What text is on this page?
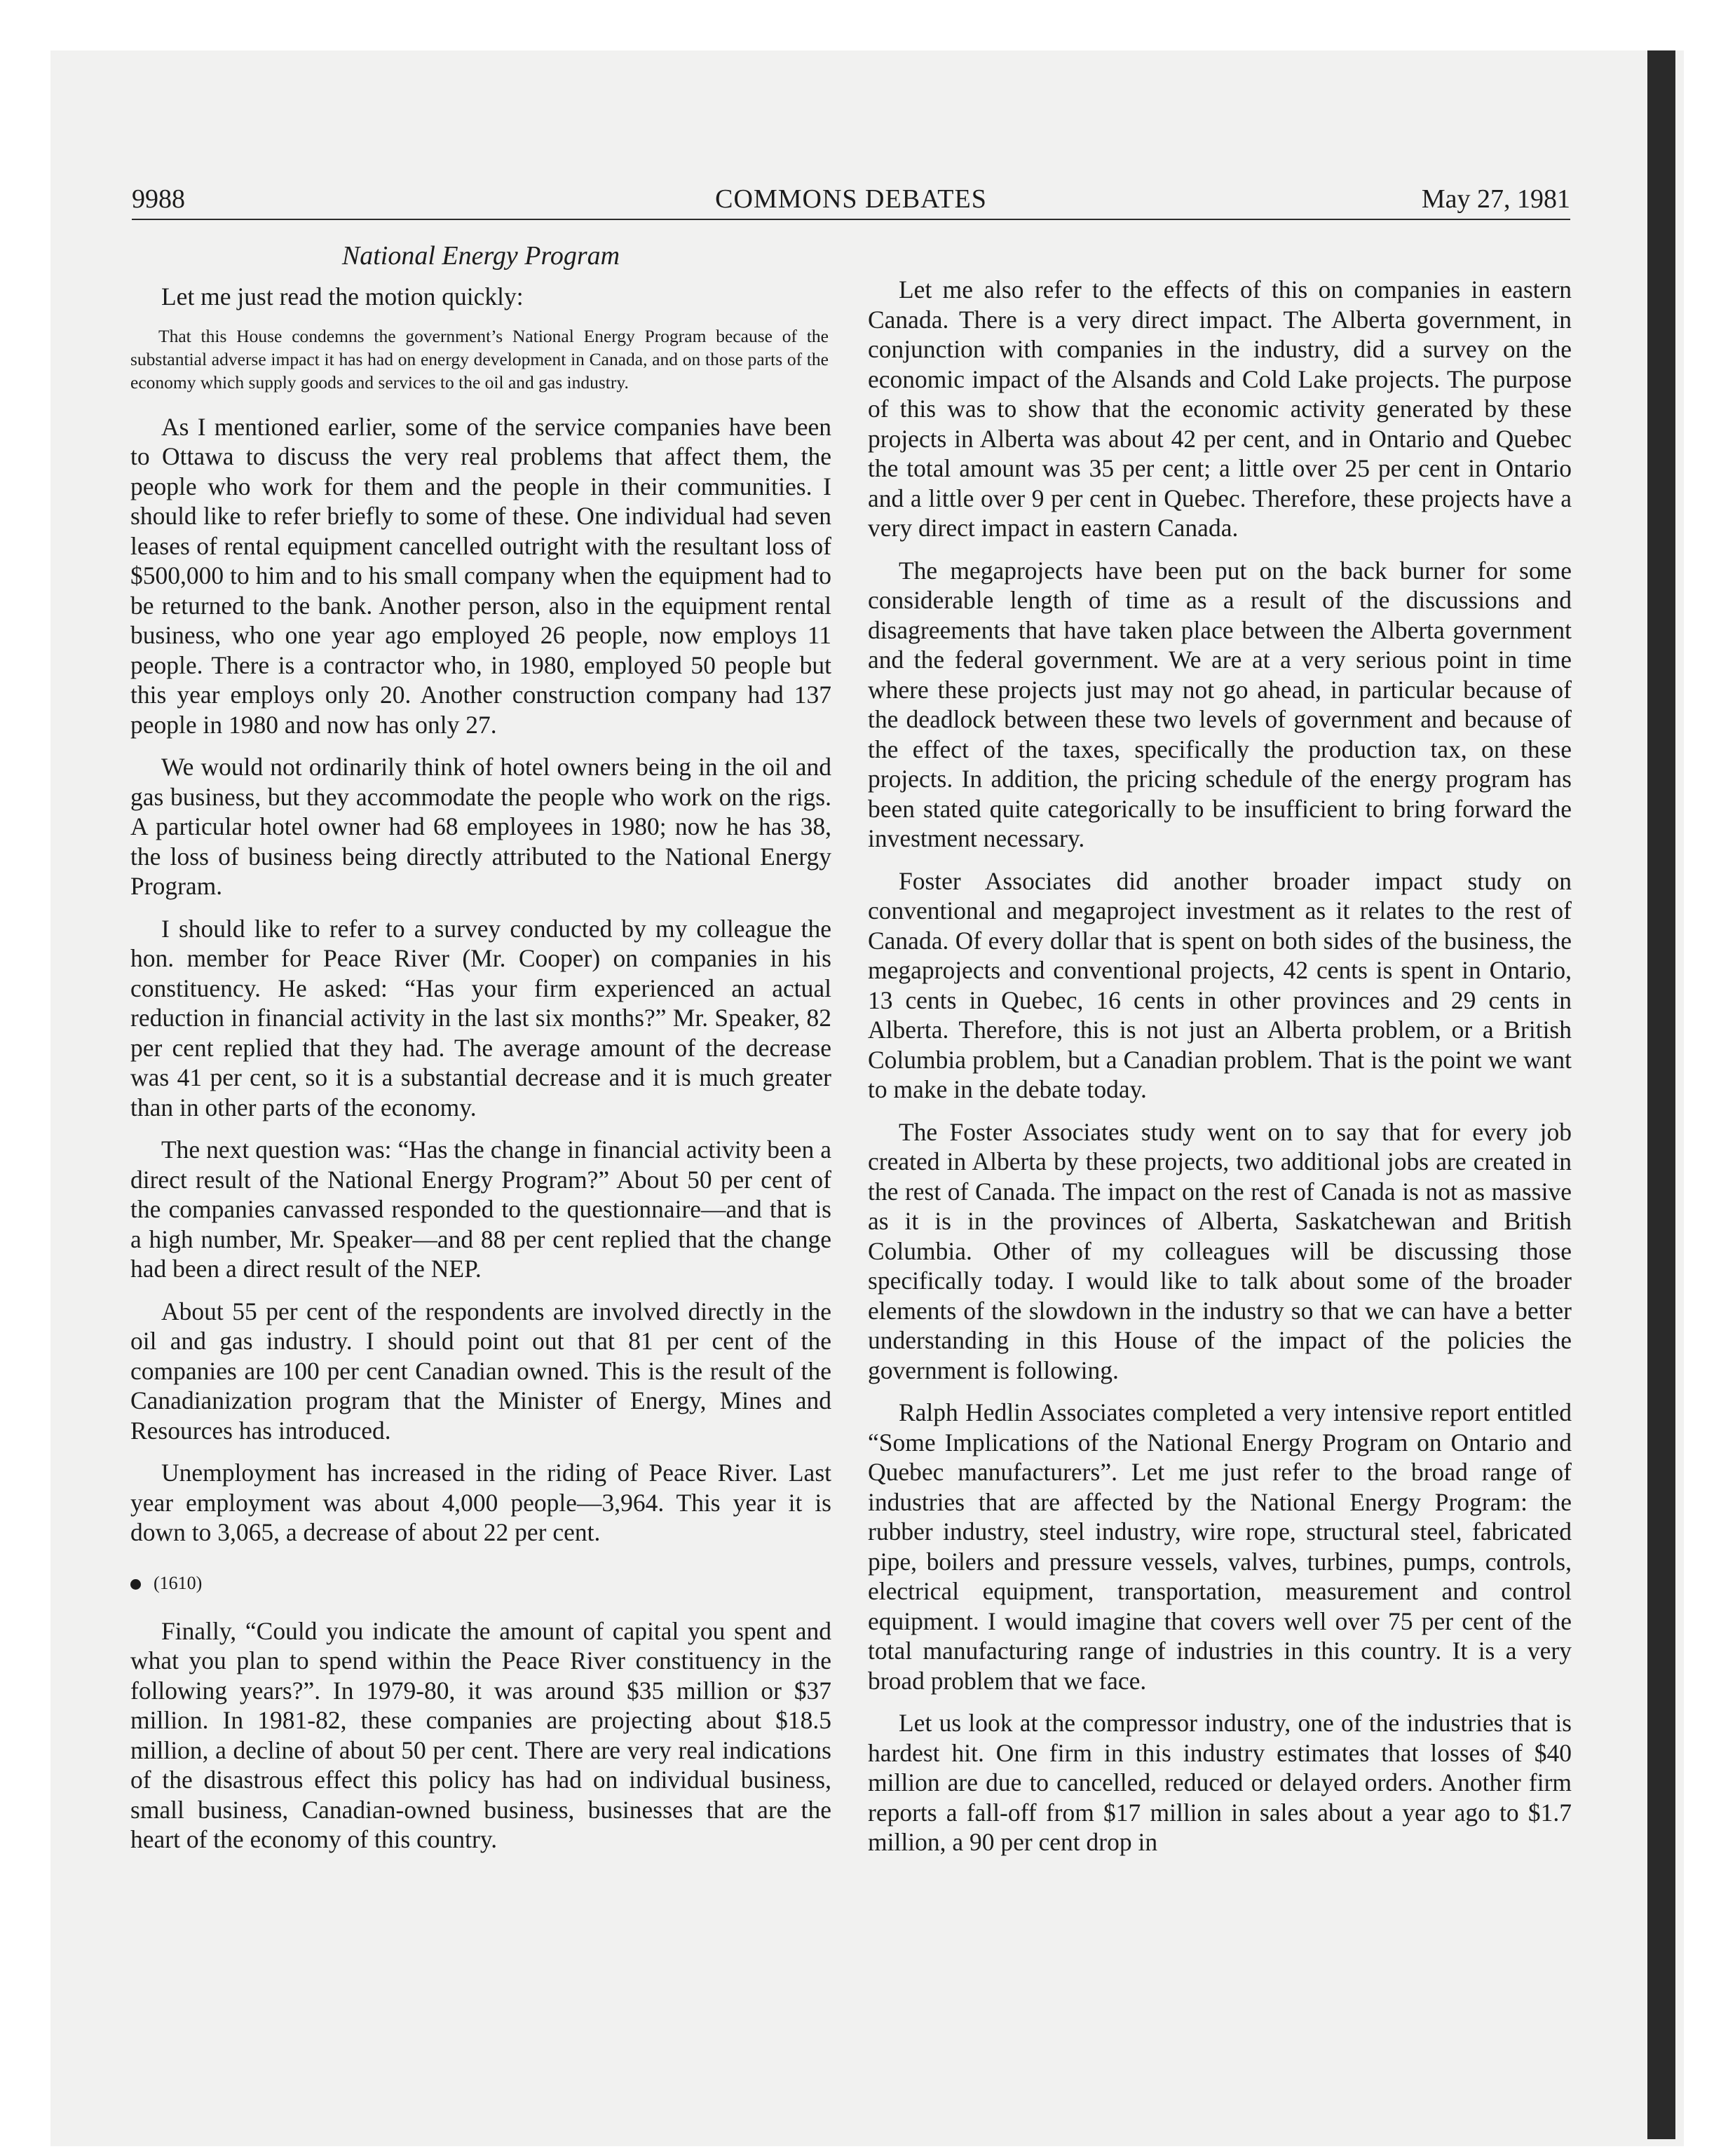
9988	COMMONS DEBATES	May 27, 1981
National Energy Program

Let me just read the motion quickly:

That this House condemns the government’s National Energy Program because of the substantial adverse impact it has had on energy development in Canada, and on those parts of the economy which supply goods and services to the oil and gas industry.

As I mentioned earlier, some of the service companies have been to Ottawa to discuss the very real problems that affect them, the people who work for them and the people in their communities. I should like to refer briefly to some of these. One individual had seven leases of rental equipment cancelled outright with the resultant loss of $500,000 to him and to his small company when the equipment had to be returned to the bank. Another person, also in the equipment rental business, who one year ago employed 26 people, now employs 11 people. There is a contractor who, in 1980, employed 50 people but this year employs only 20. Another construction company had 137 people in 1980 and now has only 27.

We would not ordinarily think of hotel owners being in the oil and gas business, but they accommodate the people who work on the rigs. A particular hotel owner had 68 employees in 1980; now he has 38, the loss of business being directly attributed to the National Energy Program.

I should like to refer to a survey conducted by my colleague the hon. member for Peace River (Mr. Cooper) on companies in his constituency. He asked: “Has your firm experienced an actual reduction in financial activity in the last six months?” Mr. Speaker, 82 per cent replied that they had. The average amount of the decrease was 41 per cent, so it is a substantial decrease and it is much greater than in other parts of the economy.

The next question was: “Has the change in financial activity been a direct result of the National Energy Program?” About 50 per cent of the companies canvassed responded to the questionnaire—and that is a high number, Mr. Speaker—and 88 per cent replied that the change had been a direct result of the NEP.

About 55 per cent of the respondents are involved directly in the oil and gas industry. I should point out that 81 per cent of the companies are 100 per cent Canadian owned. This is the result of the Canadianization program that the Minister of Energy, Mines and Resources has introduced.

Unemployment has increased in the riding of Peace River. Last year employment was about 4,000 people—3,964. This year it is down to 3,065, a decrease of about 22 per cent.

(1610)

Finally, “Could you indicate the amount of capital you spent and what you plan to spend within the Peace River constituency in the following years?”. In 1979-80, it was around $35 million or $37 million. In 1981-82, these companies are projecting about $18.5 million, a decline of about 50 per cent. There are very real indications of the disastrous effect this policy has had on individual business, small business, Canadian-owned business, businesses that are the heart of the economy of this country.

Let me also refer to the effects of this on companies in eastern Canada. There is a very direct impact. The Alberta government, in conjunction with companies in the industry, did a survey on the economic impact of the Alsands and Cold Lake projects. The purpose of this was to show that the economic activity generated by these projects in Alberta was about 42 per cent, and in Ontario and Quebec the total amount was 35 per cent; a little over 25 per cent in Ontario and a little over 9 per cent in Quebec. Therefore, these projects have a very direct impact in eastern Canada.

The megaprojects have been put on the back burner for some considerable length of time as a result of the discussions and disagreements that have taken place between the Alberta government and the federal government. We are at a very serious point in time where these projects just may not go ahead, in particular because of the deadlock between these two levels of government and because of the effect of the taxes, specifically the production tax, on these projects. In addition, the pricing schedule of the energy program has been stated quite categorically to be insufficient to bring forward the investment necessary.

Foster Associates did another broader impact study on conventional and megaproject investment as it relates to the rest of Canada. Of every dollar that is spent on both sides of the business, the megaprojects and conventional projects, 42 cents is spent in Ontario, 13 cents in Quebec, 16 cents in other provinces and 29 cents in Alberta. Therefore, this is not just an Alberta problem, or a British Columbia problem, but a Canadian problem. That is the point we want to make in the debate today.

The Foster Associates study went on to say that for every job created in Alberta by these projects, two additional jobs are created in the rest of Canada. The impact on the rest of Canada is not as massive as it is in the provinces of Alberta, Saskatchewan and British Columbia. Other of my colleagues will be discussing those specifically today. I would like to talk about some of the broader elements of the slowdown in the industry so that we can have a better understanding in this House of the impact of the policies the government is following.

Ralph Hedlin Associates completed a very intensive report entitled “Some Implications of the National Energy Program on Ontario and Quebec manufacturers”. Let me just refer to the broad range of industries that are affected by the National Energy Program: the rubber industry, steel industry, wire rope, structural steel, fabricated pipe, boilers and pressure vessels, valves, turbines, pumps, controls, electrical equipment, transportation, measurement and control equipment. I would imagine that covers well over 75 per cent of the total manufacturing range of industries in this country. It is a very broad problem that we face.

Let us look at the compressor industry, one of the industries that is hardest hit. One firm in this industry estimates that losses of $40 million are due to cancelled, reduced or delayed orders. Another firm reports a fall-off from $17 million in sales about a year ago to $1.7 million, a 90 per cent drop in
